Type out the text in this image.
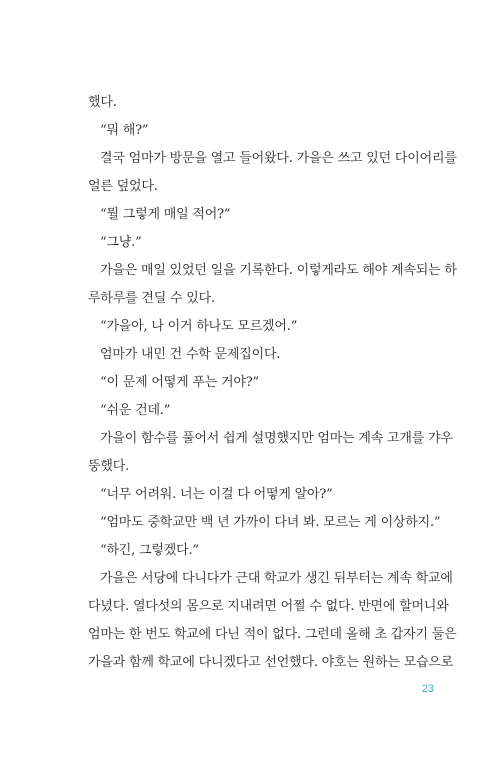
했다.
“뭐 해?”
결국 엄마가 방문을 열고 들어왔다. 가을은 쓰고 있던 다이어리를
얼른 덮었다.
“뭘 그렇게 매일 적어?”
“그냥.”
가을은 매일 있었던 일을 기록한다. 이렇게라도 해야 계속되는 하
루하루를 견딜 수 있다.
“가을아, 나 이거 하나도 모르겠어.”
엄마가 내민 건 수학 문제집이다.
“이 문제 어떻게 푸는 거야?”
“쉬운 건데.”
가을이 함수를 풀어서 쉽게 설명했지만 엄마는 계속 고개를 갸우
뚱했다.
“너무 어려워. 너는 이걸 다 어떻게 알아?”
“엄마도 중학교만 백 년 가까이 다녀 봐. 모르는 게 이상하지.”
“하긴, 그렇겠다.”
가을은 서당에 다니다가 근대 학교가 생긴 뒤부터는 계속 학교에
다녔다. 열다섯의 몸으로 지내려면 어쩔 수 없다. 반면에 할머니와
엄마는 한 번도 학교에 다닌 적이 없다. 그런데 올해 초 갑자기 둘은
가을과 함께 학교에 다니겠다고 선언했다. 야호는 원하는 모습으로
23
